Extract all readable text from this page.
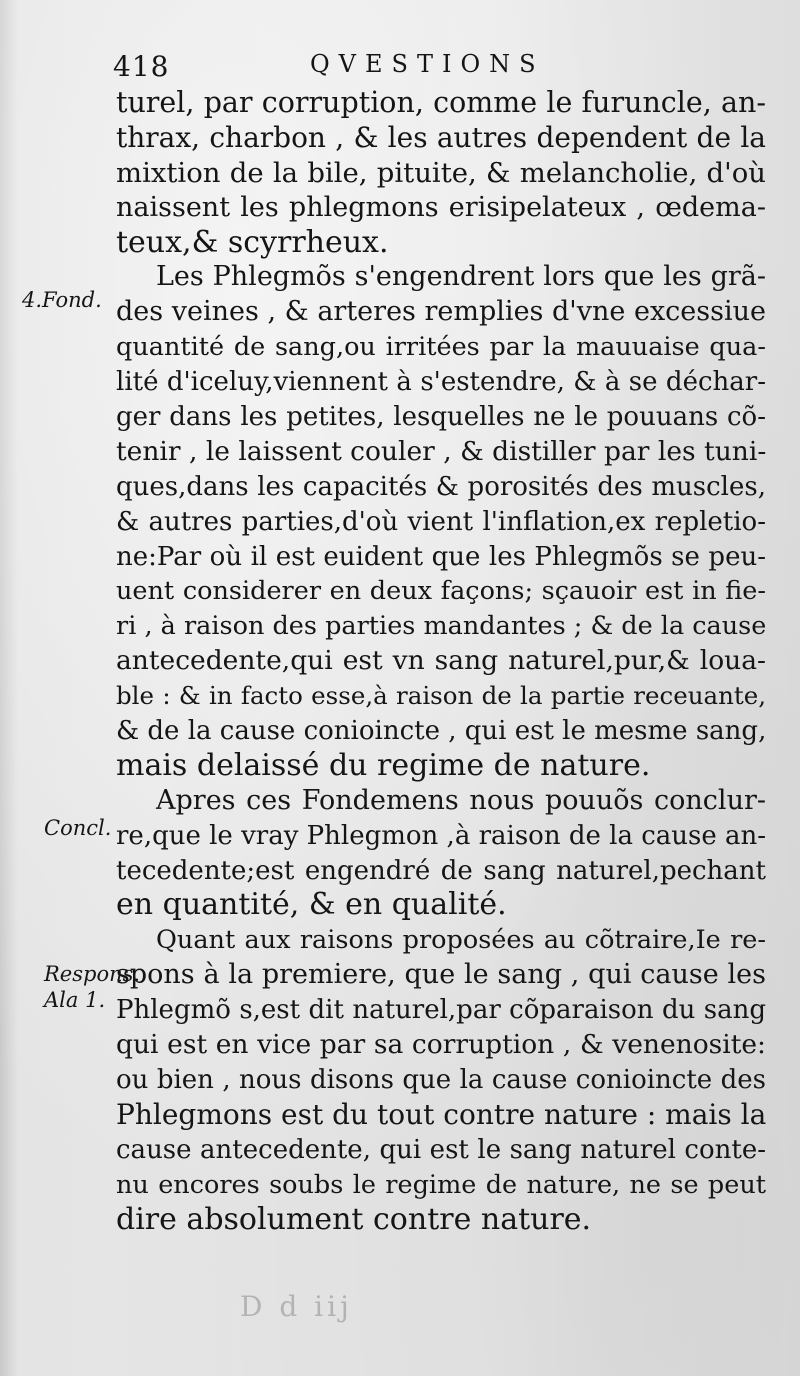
418	QVESTIONS
4.Fond.
Concl.
Respons.
Ala 1.
turel, par corruption, comme le furuncle, an-
thrax, charbon , & les autres dependent de la
mixtion de la bile, pituite, & melancholie, d'où
naissent les phlegmons erisipelateux , œdema-
teux,& scyrrheux.
Les Phlegmõs s'engendrent lors que les grã-
des veines , & arteres remplies d'vne excessiue
quantité de sang,ou irritées par la mauuaise qua-
lité d'iceluy,viennent à s'estendre, & à se déchar-
ger dans les petites, lesquelles ne le pouuans cõ-
tenir , le laissent couler , & distiller par les tuni-
ques,dans les capacités & porosités des muscles,
& autres parties,d'où vient l'inflation,ex repletio-
ne:Par où il est euident que les Phlegmõs se peu-
uent considerer en deux façons; sçauoir est in fie-
ri , à raison des parties mandantes ; & de la cause
antecedente,qui est vn sang naturel,pur,& loua-
ble : & in facto esse,à raison de la partie receuante,
& de la cause conioincte , qui est le mesme sang,
mais delaissé du regime de nature.
Apres ces Fondemens nous pouuõs conclur-
re,que le vray Phlegmon ,à raison de la cause an-
tecedente;est engendré de sang naturel,pechant
en quantité, & en qualité.
Quant aux raisons proposées au cõtraire,Ie re-
spons à la premiere, que le sang , qui cause les
Phlegmõ s,est dit naturel,par cõparaison du sang
qui est en vice par sa corruption , & venenosite:
ou bien , nous disons que la cause conioincte des
Phlegmons est du tout contre nature : mais la
cause antecedente, qui est le sang naturel conte-
nu encores soubs le regime de nature, ne se peut
dire absolument contre nature.
D d iij
